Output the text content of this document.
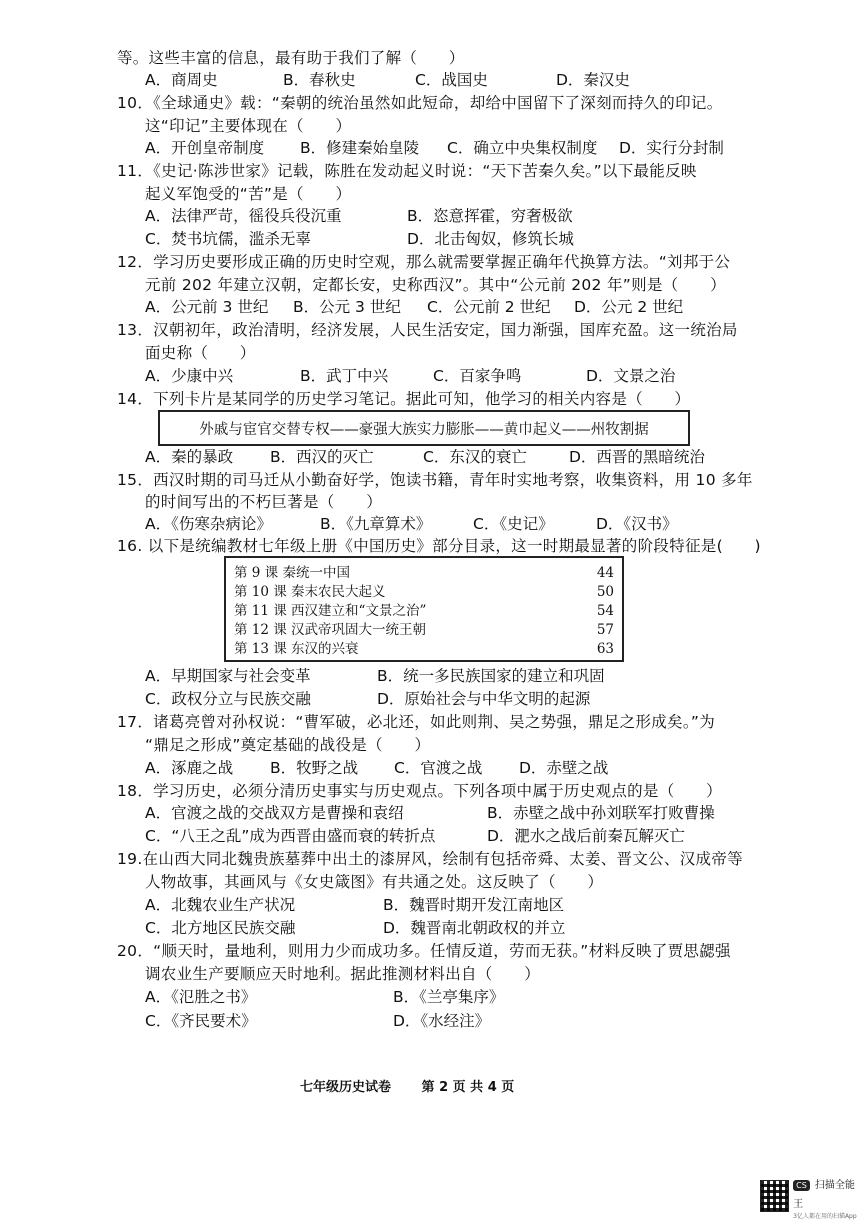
等。这些丰富的信息，最有助于我们了解（　　）
A．商周史	B．春秋史	C．战国史	D．秦汉史
10．《全球通史》载：“秦朝的统治虽然如此短命，却给中国留下了深刻而持久的印记。
这“印记”主要体现在（　　）
A．开创皇帝制度 B．修建秦始皇陵 C．确立中央集权制度 D．实行分封制
11．《史记·陈涉世家》记载，陈胜在发动起义时说：“天下苦秦久矣。”以下最能反映
起义军饱受的“苦”是（　　）
A．法律严苛，徭役兵役沉重	B．恣意挥霍，穷奢极欲
C．焚书坑儒，滥杀无辜	D．北击匈奴，修筑长城
12．学习历史要形成正确的历史时空观，那么就需要掌握正确年代换算方法。“刘邦于公
元前 202 年建立汉朝，定都长安，史称西汉”。其中“公元前 202 年”则是（　　）
A．公元前 3 世纪 B．公元 3 世纪 C．公元前 2 世纪 D．公元 2 世纪
13．汉朝初年，政治清明，经济发展，人民生活安定，国力渐强，国库充盈。这一统治局
面史称（　　）
A．少康中兴	B．武丁中兴	C．百家争鸣	D．文景之治
14．下列卡片是某同学的历史学习笔记。据此可知，他学习的相关内容是（　　）
外戚与宦官交替专权——豪强大族实力膨胀——黄巾起义——州牧割据
A．秦的暴政 B．西汉的灭亡	C．东汉的衰亡	D．西晋的黑暗统治
15．西汉时期的司马迁从小勤奋好学，饱读书籍，青年时实地考察，收集资料，用 10 多年
的时间写出的不朽巨著是（　　）
A．《伤寒杂病论》	B．《九章算术》	C．《史记》	D．《汉书》
16. 以下是统编教材七年级上册《中国历史》部分目录，这一时期最显著的阶段特征是(　　)
第 9 课 秦统一中国	44
第 10 课 秦末农民大起义	50
第 11 课 西汉建立和“文景之治”	54
第 12 课 汉武帝巩固大一统王朝	57
第 13 课 东汉的兴衰	63
A．早期国家与社会变革	B．统一多民族国家的建立和巩固
C．政权分立与民族交融	D．原始社会与中华文明的起源
17．诸葛亮曾对孙权说：“曹军破，必北还，如此则荆、吴之势强，鼎足之形成矣。”为
“鼎足之形成”奠定基础的战役是（　　）
A．涿鹿之战 B．牧野之战 C．官渡之战 D．赤壁之战
18．学习历史，必须分清历史事实与历史观点。下列各项中属于历史观点的是（　　）
A．官渡之战的交战双方是曹操和袁绍	B．赤壁之战中孙刘联军打败曹操
C．“八王之乱”成为西晋由盛而衰的转折点	D．淝水之战后前秦瓦解灭亡
19.在山西大同北魏贵族墓葬中出土的漆屏风，绘制有包括帝舜、太姜、晋文公、汉成帝等
人物故事，其画风与《女史箴图》有共通之处。这反映了（　　）
A．北魏农业生产状况	B．魏晋时期开发江南地区
C．北方地区民族交融	D．魏晋南北朝政权的并立
20．“顺天时，量地利，则用力少而成功多。任情反道，劳而无获。”材料反映了贾思勰强
调农业生产要顺应天时地利。据此推测材料出自（　　）
A．《氾胜之书》	B．《兰亭集序》
C．《齐民要术》	D．《水经注》
七年级历史试卷 第 2 页 共 4 页
CS 扫描全能王
3亿人都在用的扫描App
